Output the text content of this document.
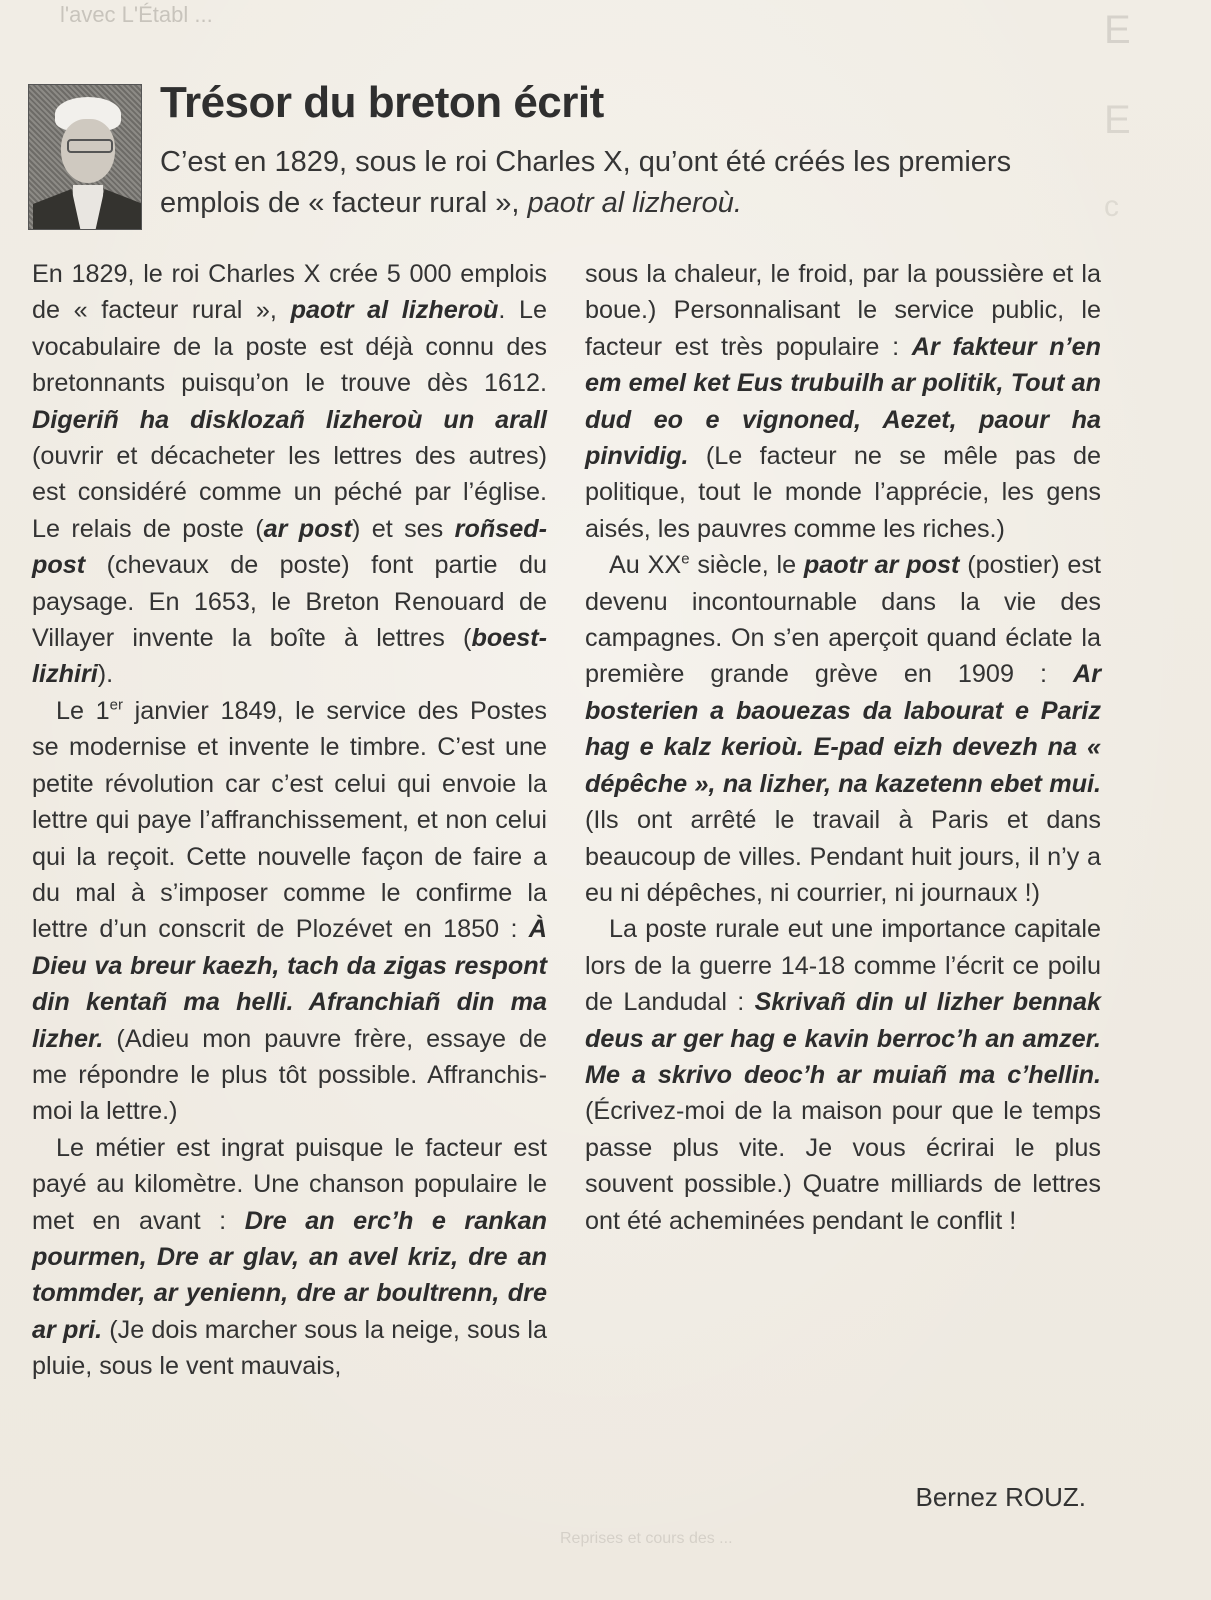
l'avec L'Établ ...	E
E
c
Reprises et cours des ...
Trésor du breton écrit
C’est en 1829, sous le roi Charles X, qu’ont été créés les premiers emplois de « facteur rural », paotr al lizheroù.

En 1829, le roi Charles X crée 5 000 emplois de « facteur rural », paotr al lizheroù. Le vocabulaire de la poste est déjà connu des bretonnants puisqu’on le trouve dès 1612. Digeriñ ha disklozañ lizheroù un arall (ouvrir et décacheter les lettres des autres) est considéré comme un péché par l’église. Le relais de poste (ar post) et ses roñsed-post (chevaux de poste) font partie du paysage. En 1653, le Breton Renouard de Villayer invente la boîte à lettres (boest-lizhiri).

Le 1er janvier 1849, le service des Postes se modernise et invente le timbre. C’est une petite révolution car c’est celui qui envoie la lettre qui paye l’affranchissement, et non celui qui la reçoit. Cette nouvelle façon de faire a du mal à s’imposer comme le confirme la lettre d’un conscrit de Plozévet en 1850 : À Dieu va breur kaezh, tach da zigas respont din kentañ ma helli. Afranchiañ din ma lizher. (Adieu mon pauvre frère, essaye de me répondre le plus tôt possible. Affranchis-moi la lettre.)

Le métier est ingrat puisque le facteur est payé au kilomètre. Une chanson populaire le met en avant : Dre an erc’h e rankan pourmen, Dre ar glav, an avel kriz, dre an tommder, ar yenienn, dre ar boultrenn, dre ar pri. (Je dois marcher sous la neige, sous la pluie, sous le vent mauvais,

sous la chaleur, le froid, par la poussière et la boue.) Personnalisant le service public, le facteur est très populaire : Ar fakteur n’en em emel ket Eus trubuilh ar politik, Tout an dud eo e vignoned, Aezet, paour ha pinvidig. (Le facteur ne se mêle pas de politique, tout le monde l’apprécie, les gens aisés, les pauvres comme les riches.)

Au XXe siècle, le paotr ar post (postier) est devenu incontournable dans la vie des campagnes. On s’en aperçoit quand éclate la première grande grève en 1909 : Ar bosterien a baouezas da labourat e Pariz hag e kalz kerioù. E-pad eizh devezh na « dépêche », na lizher, na kazetenn ebet mui. (Ils ont arrêté le travail à Paris et dans beaucoup de villes. Pendant huit jours, il n’y a eu ni dépêches, ni courrier, ni journaux !)

La poste rurale eut une importance capitale lors de la guerre 14-18 comme l’écrit ce poilu de Landudal : Skrivañ din ul lizher bennak deus ar ger hag e kavin berroc’h an amzer. Me a skrivo deoc’h ar muiañ ma c’hellin. (Écrivez-moi de la maison pour que le temps passe plus vite. Je vous écrirai le plus souvent possible.) Quatre milliards de lettres ont été acheminées pendant le conflit !

Bernez ROUZ.
